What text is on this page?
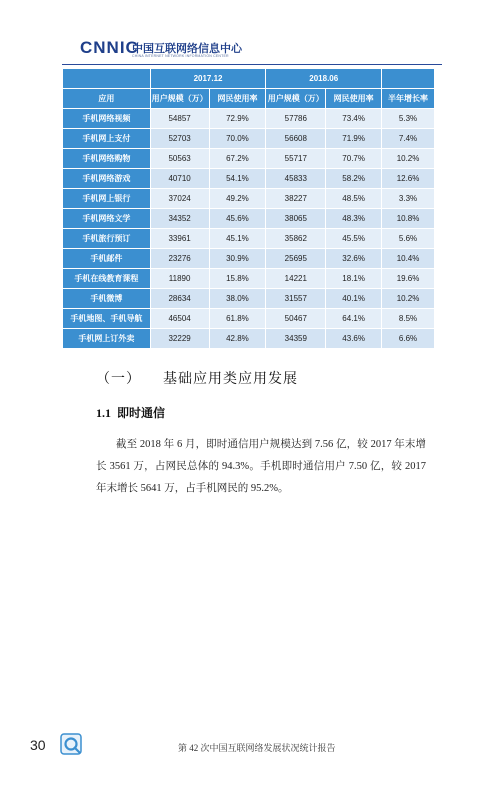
CNNIC
中国互联网络信息中心
CHINA INTERNET NETWORK INFORMATION CENTER
	2017.12		2018.06		
应用	用户规模（万）	网民使用率	用户规模（万）	网民使用率	半年增长率
手机网络视频	54857	72.9%	57786	73.4%	5.3%
手机网上支付	52703	70.0%	56608	71.9%	7.4%
手机网络购物	50563	67.2%	55717	70.7%	10.2%
手机网络游戏	40710	54.1%	45833	58.2%	12.6%
手机网上银行	37024	49.2%	38227	48.5%	3.3%
手机网络文学	34352	45.6%	38065	48.3%	10.8%
手机旅行预订	33961	45.1%	35862	45.5%	5.6%
手机邮件	23276	30.9%	25695	32.6%	10.4%
手机在线教育课程	11890	15.8%	14221	18.1%	19.6%
手机微博	28634	38.0%	31557	40.1%	10.2%
手机地图、手机导航	46504	61.8%	50467	64.1%	8.5%
手机网上订外卖	32229	42.8%	34359	43.6%	6.6%
（一） 基础应用类应用发展
1.1 即时通信

截至 2018 年 6 月，即时通信用户规模达到 7.56 亿，较 2017 年末增长 3561 万，占网民总体的 94.3%。手机即时通信用户 7.50 亿，较 2017 年末增长 5641 万，占手机网民的 95.2%。

30	第 42 次中国互联网络发展状况统计报告
